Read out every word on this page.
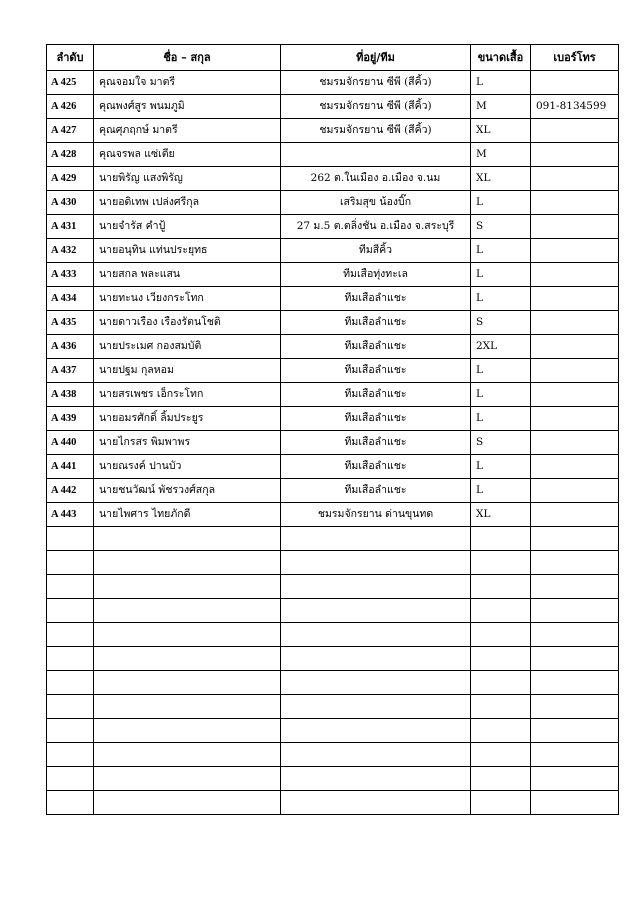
ลำดับ	ชื่อ – สกุล	ที่อยู่/ทีม	ขนาดเสื้อ	เบอร์โทร
A 425	คุณจอมใจ มาตรี	ชมรมจักรยาน ซีพี (สีคิ้ว)	L	
A 426	คุณพงศ์สูร พนมภูมิ	ชมรมจักรยาน ซีพี (สีคิ้ว)	M	091-8134599
A 427	คุณศุภฤกษ์ มาตรี	ชมรมจักรยาน ซีพี (สีคิ้ว)	XL	
A 428	คุณจรพล แซ่เตีย		M	
A 429	นายพิรัญ แสงพิรัญ	262 ต.ในเมือง อ.เมือง จ.นม	XL	
A 430	นายอดิเทพ เปล่งศรีกุล	เสริมสุข น้องบิ๊ก	L	
A 431	นายจำรัส คำปู้	27 ม.5 ต.ตลิ่งชัน อ.เมือง จ.สระบุรี	S	
A 432	นายอนุทิน แท่นประยุทธ	ทีมสีคิ้ว	L	
A 433	นายสกล พละแสน	ทีมเสือทุ่งทะเล	L	
A 434	นายทะนง เวียงกระโทก	ทีมเสือลำแชะ	L	
A 435	นายดาวเรือง เรืองรัตนโชติ	ทีมเสือลำแชะ	S	
A 436	นายประเมศ กองสมบัติ	ทีมเสือลำแชะ	2XL	
A 437	นายปฐม กุลหอม	ทีมเสือลำแชะ	L	
A 438	นายสรเพชร เอ็กระโทก	ทีมเสือลำแชะ	L	
A 439	นายอมรศักดิ์ ลิ้มประยูร	ทีมเสือลำแชะ	L	
A 440	นายไกรสร พิมพาพร	ทีมเสือลำแชะ	S	
A 441	นายณรงค์ ปานบัว	ทีมเสือลำแชะ	L	
A 442	นายชนวัฒน์ พัชรวงศ์สกุล	ทีมเสือลำแชะ	L	
A 443	นายไพศาร ไทยภักดี	ชมรมจักรยาน ด่านขุนทด	XL	
